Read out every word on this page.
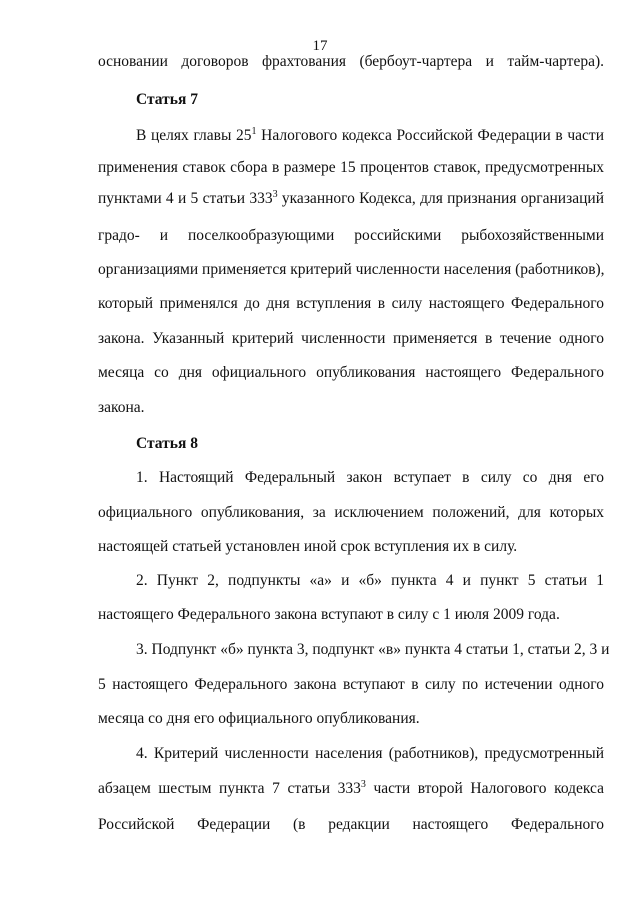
17
основании договоров фрахтования (бербоут-чартера и тайм-чартера).
Статья 7
В целях главы $25^1$ Налогового кодекса Российской Федерации в части
применения ставок сбора в размере 15 процентов ставок, предусмотренных
пунктами 4 и 5 статьи $333^3$ указанного Кодекса, для признания организаций
градо- и поселкообразующими российскими рыбохозяйственными
организациями применяется критерий численности населения (работников),
который применялся до дня вступления в силу настоящего Федерального
закона. Указанный критерий численности применяется в течение одного
месяца со дня официального опубликования настоящего Федерального
закона.
Статья 8
1. Настоящий Федеральный закон вступает в силу со дня его
официального опубликования, за исключением положений, для которых
настоящей статьей установлен иной срок вступления их в силу.
2. Пункт 2, подпункты «а» и «б» пункта 4 и пункт 5 статьи 1
настоящего Федерального закона вступают в силу с 1 июля 2009 года.
3. Подпункт «б» пункта 3, подпункт «в» пункта 4 статьи 1, статьи 2, 3 и
5 настоящего Федерального закона вступают в силу по истечении одного
месяца со дня его официального опубликования.
4. Критерий численности населения (работников), предусмотренный
абзацем шестым пункта 7 статьи $333^3$ части второй Налогового кодекса
Российской Федерации (в редакции настоящего Федерального
